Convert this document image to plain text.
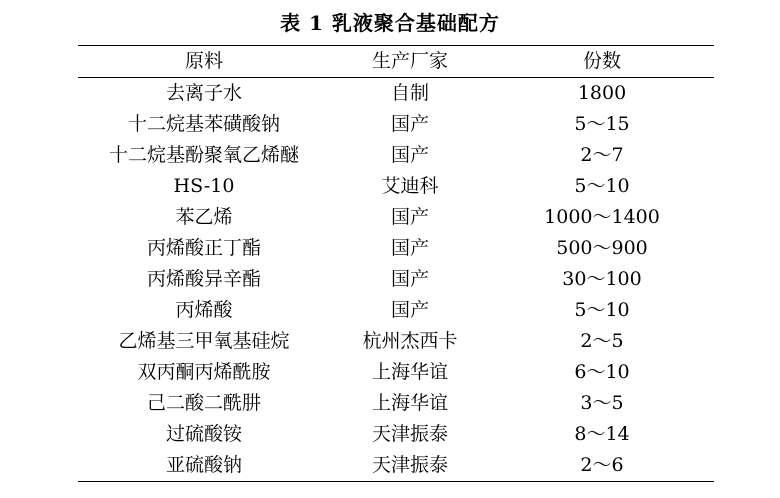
表 1 乳液聚合基础配方
原料	生产厂家	份数
去离子水	自制	1800
十二烷基苯磺酸钠	国产	5～15
十二烷基酚聚氧乙烯醚	国产	2～7
HS-10	艾迪科	5～10
苯乙烯	国产	1000～1400
丙烯酸正丁酯	国产	500～900
丙烯酸异辛酯	国产	30～100
丙烯酸	国产	5～10
乙烯基三甲氧基硅烷	杭州杰西卡	2～5
双丙酮丙烯酰胺	上海华谊	6～10
己二酸二酰肼	上海华谊	3～5
过硫酸铵	天津振泰	8～14
亚硫酸钠	天津振泰	2～6
